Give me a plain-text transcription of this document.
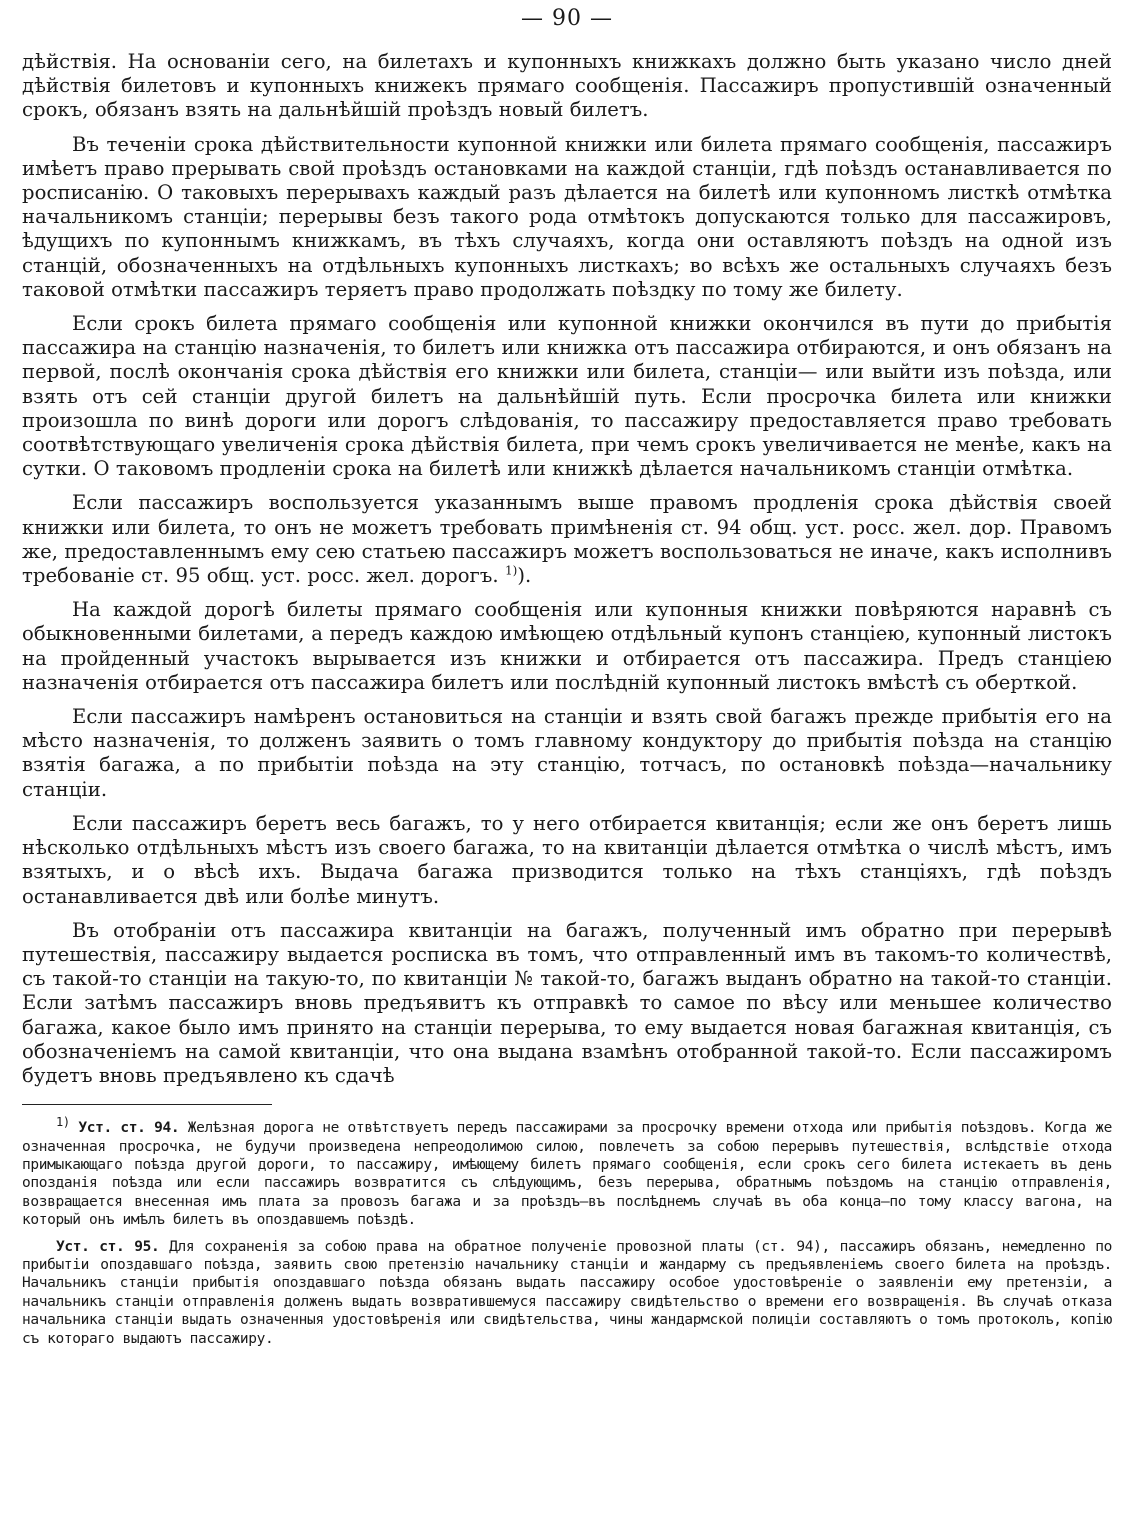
— 90 —

дѣйствія. На основаніи сего, на билетахъ и купонныхъ книжкахъ должно быть указано число дней дѣйствія билетовъ и купонныхъ книжекъ прямаго сообщенія. Пассажиръ пропустившій означенный срокъ, обязанъ взять на дальнѣйшій проѣздъ новый билетъ.

Въ теченіи срока дѣйствительности купонной книжки или билета прямаго сообщенія, пассажиръ имѣетъ право прерывать свой проѣздъ остановками на каждой станціи, гдѣ поѣздъ останавливается по росписанію. О таковыхъ перерывахъ каждый разъ дѣлается на билетѣ или купонномъ листкѣ отмѣтка начальникомъ станціи; перерывы безъ такого рода отмѣтокъ допускаются только для пассажировъ, ѣдущихъ по купоннымъ книжкамъ, въ тѣхъ случаяхъ, когда они оставляютъ поѣздъ на одной изъ станцій, обозначенныхъ на отдѣльныхъ купонныхъ листкахъ; во всѣхъ же остальныхъ случаяхъ безъ таковой отмѣтки пассажиръ теряетъ право продолжать поѣздку по тому же билету.

Если срокъ билета прямаго сообщенія или купонной книжки окончился въ пути до прибытія пассажира на станцію назначенія, то билетъ или книжка отъ пассажира отбираются, и онъ обязанъ на первой, послѣ окончанія срока дѣйствія его книжки или билета, станціи— или выйти изъ поѣзда, или взять отъ сей станціи другой билетъ на дальнѣйшій путь. Если просрочка билета или книжки произошла по винѣ дороги или дорогъ слѣдованія, то пассажиру предоставляется право требовать соотвѣтствующаго увеличенія срока дѣйствія билета, при чемъ срокъ увеличивается не менѣе, какъ на сутки. О таковомъ продленіи срока на билетѣ или книжкѣ дѣлается начальникомъ станціи отмѣтка.

Если пассажиръ воспользуется указаннымъ выше правомъ продленія срока дѣйствія своей книжки или билета, то онъ не можетъ требовать примѣненія ст. 94 общ. уст. росс. жел. дор. Правомъ же, предоставленнымъ ему сею статьею пассажиръ можетъ воспользоваться не иначе, какъ исполнивъ требованіе ст. 95 общ. уст. росс. жел. дорогъ. $^{1)}$).

На каждой дорогѣ билеты прямаго сообщенія или купонныя книжки повѣряются наравнѣ съ обыкновенными билетами, а передъ каждою имѣющею отдѣльный купонъ станціею, купонный листокъ на пройденный участокъ вырывается изъ книжки и отбирается отъ пассажира. Предъ станціею назначенія отбирается отъ пассажира билетъ или послѣдній купонный листокъ вмѣстѣ съ оберткой.

Если пассажиръ намѣренъ остановиться на станціи и взять свой багажъ прежде прибытія его на мѣсто назначенія, то долженъ заявить о томъ главному кондуктору до прибытія поѣзда на станцію взятія багажа, а по прибытіи поѣзда на эту станцію, тотчасъ, по остановкѣ поѣзда—начальнику станціи.

Если пассажиръ беретъ весь багажъ, то у него отбирается квитанція; если же онъ беретъ лишь нѣсколько отдѣльныхъ мѣстъ изъ своего багажа, то на квитанціи дѣлается отмѣтка о числѣ мѣстъ, имъ взятыхъ, и о вѣсѣ ихъ. Выдача багажа призводится только на тѣхъ станціяхъ, гдѣ поѣздъ останавливается двѣ или болѣе минутъ.

Въ отобраніи отъ пассажира квитанціи на багажъ, полученный имъ обратно при перерывѣ путешествія, пассажиру выдается росписка въ томъ, что отправленный имъ въ такомъ-то количествѣ, съ такой-то станціи на такую-то, по квитанціи № такой-то, багажъ выданъ обратно на такой-то станціи. Если затѣмъ пассажиръ вновь предъявитъ къ отправкѣ то самое по вѣсу или меньшее количество багажа, какое было имъ принято на станціи перерыва, то ему выдается новая багажная квитанція, съ обозначеніемъ на самой квитанціи, что она выдана взамѣнъ отобранной такой-то. Если пассажиромъ будетъ вновь предъявлено къ сдачѣ

$^{1)}$ Уст. ст. 94. Желѣзная дорога не отвѣтствуетъ передъ пассажирами за просрочку времени отхода или прибытія поѣздовъ. Когда же означенная просрочка, не будучи произведена непреодолимою силою, повлечетъ за собою перерывъ путешествія, вслѣдствіе отхода примыкающаго поѣзда другой дороги, то пассажиру, имѣющему билетъ прямаго сообщенія, если срокъ сего билета истекаетъ въ день опозданія поѣзда или если пассажиръ возвратится съ слѣдующимъ, безъ перерыва, обратнымъ поѣздомъ на станцію отправленія, возвращается внесенная имъ плата за провозъ багажа и за проѣздъ—въ послѣднемъ случаѣ въ оба конца—по тому классу вагона, на который онъ имѣлъ билетъ въ опоздавшемъ поѣздѣ.

Уст. ст. 95. Для сохраненія за собою права на обратное полученіе провозной платы (ст. 94), пассажиръ обязанъ, немедленно по прибытіи опоздавшаго поѣзда, заявить свою претензію начальнику станціи и жандарму съ предъявленіемъ своего билета на проѣздъ. Начальникъ станціи прибытія опоздавшаго поѣзда обязанъ выдать пассажиру особое удостовѣреніе о заявленіи ему претензіи, а начальникъ станціи отправленія долженъ выдать возвратившемуся пассажиру свидѣтельство о времени его возвращенія. Въ случаѣ отказа начальника станціи выдать означенныя удостовѣренія или свидѣтельства, чины жандармской полиціи составляютъ о томъ протоколъ, копію съ котораго выдаютъ пассажиру.
